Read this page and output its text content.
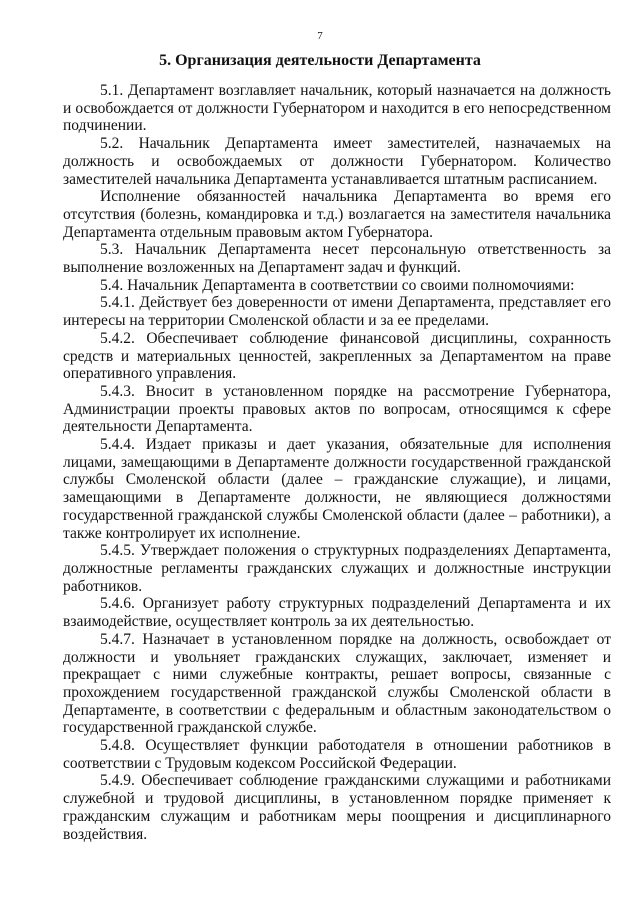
7
5. Организация деятельности Департамента

5.1. Департамент возглавляет начальник, который назначается на должность и освобождается от должности Губернатором и находится в его непосредственном подчинении.

5.2. Начальник Департамента имеет заместителей, назначаемых на должность и освобождаемых от должности Губернатором. Количество заместителей начальника Департамента устанавливается штатным расписанием.

Исполнение обязанностей начальника Департамента во время его отсутствия (болезнь, командировка и т.д.) возлагается на заместителя начальника Департамента отдельным правовым актом Губернатора.

5.3. Начальник Департамента несет персональную ответственность за выполнение возложенных на Департамент задач и функций.

5.4. Начальник Департамента в соответствии со своими полномочиями:

5.4.1. Действует без доверенности от имени Департамента, представляет его интересы на территории Смоленской области и за ее пределами.

5.4.2. Обеспечивает соблюдение финансовой дисциплины, сохранность средств и материальных ценностей, закрепленных за Департаментом на праве оперативного управления.

5.4.3. Вносит в установленном порядке на рассмотрение Губернатора, Администрации проекты правовых актов по вопросам, относящимся к сфере деятельности Департамента.

5.4.4. Издает приказы и дает указания, обязательные для исполнения лицами, замещающими в Департаменте должности государственной гражданской службы Смоленской области (далее – гражданские служащие), и лицами, замещающими в Департаменте должности, не являющиеся должностями государственной гражданской службы Смоленской области (далее – работники), а также контролирует их исполнение.

5.4.5. Утверждает положения о структурных подразделениях Департамента, должностные регламенты гражданских служащих и должностные инструкции работников.

5.4.6. Организует работу структурных подразделений Департамента и их взаимодействие, осуществляет контроль за их деятельностью.

5.4.7. Назначает в установленном порядке на должность, освобождает от должности и увольняет гражданских служащих, заключает, изменяет и прекращает с ними служебные контракты, решает вопросы, связанные с прохождением государственной гражданской службы Смоленской области в Департаменте, в соответствии с федеральным и областным законодательством о государственной гражданской службе.

5.4.8. Осуществляет функции работодателя в отношении работников в соответствии с Трудовым кодексом Российской Федерации.

5.4.9. Обеспечивает соблюдение гражданскими служащими и работниками служебной и трудовой дисциплины, в установленном порядке применяет к гражданским служащим и работникам меры поощрения и дисциплинарного воздействия.
